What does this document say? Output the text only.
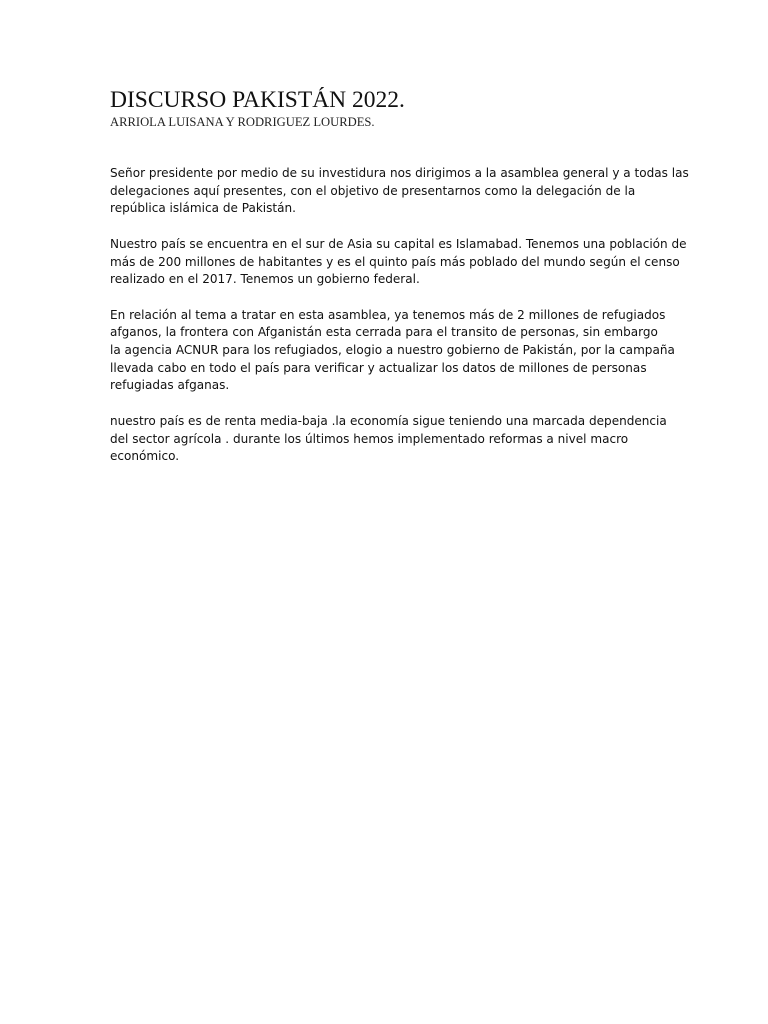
DISCURSO PAKISTÁN 2022.

ARRIOLA LUISANA Y RODRIGUEZ LOURDES.

Señor presidente por medio de su investidura nos dirigimos a la asamblea general y a todas las
delegaciones aquí presentes, con el objetivo de presentarnos como la delegación de la
república islámica de Pakistán.

Nuestro país se encuentra en el sur de Asia su capital es Islamabad. Tenemos una población de
más de 200 millones de habitantes y es el quinto país más poblado del mundo según el censo
realizado en el 2017. Tenemos un gobierno federal.

En relación al tema a tratar en esta asamblea, ya tenemos más de 2 millones de refugiados
afganos, la frontera con Afganistán esta cerrada para el transito de personas, sin embargo
la agencia ACNUR para los refugiados, elogio a nuestro gobierno de Pakistán, por la campaña
llevada cabo en todo el país para verificar y actualizar los datos de millones de personas
refugiadas afganas.

nuestro país es de renta media-baja .la economía sigue teniendo una marcada dependencia
del sector agrícola . durante los últimos hemos implementado reformas a nivel macro
económico.
